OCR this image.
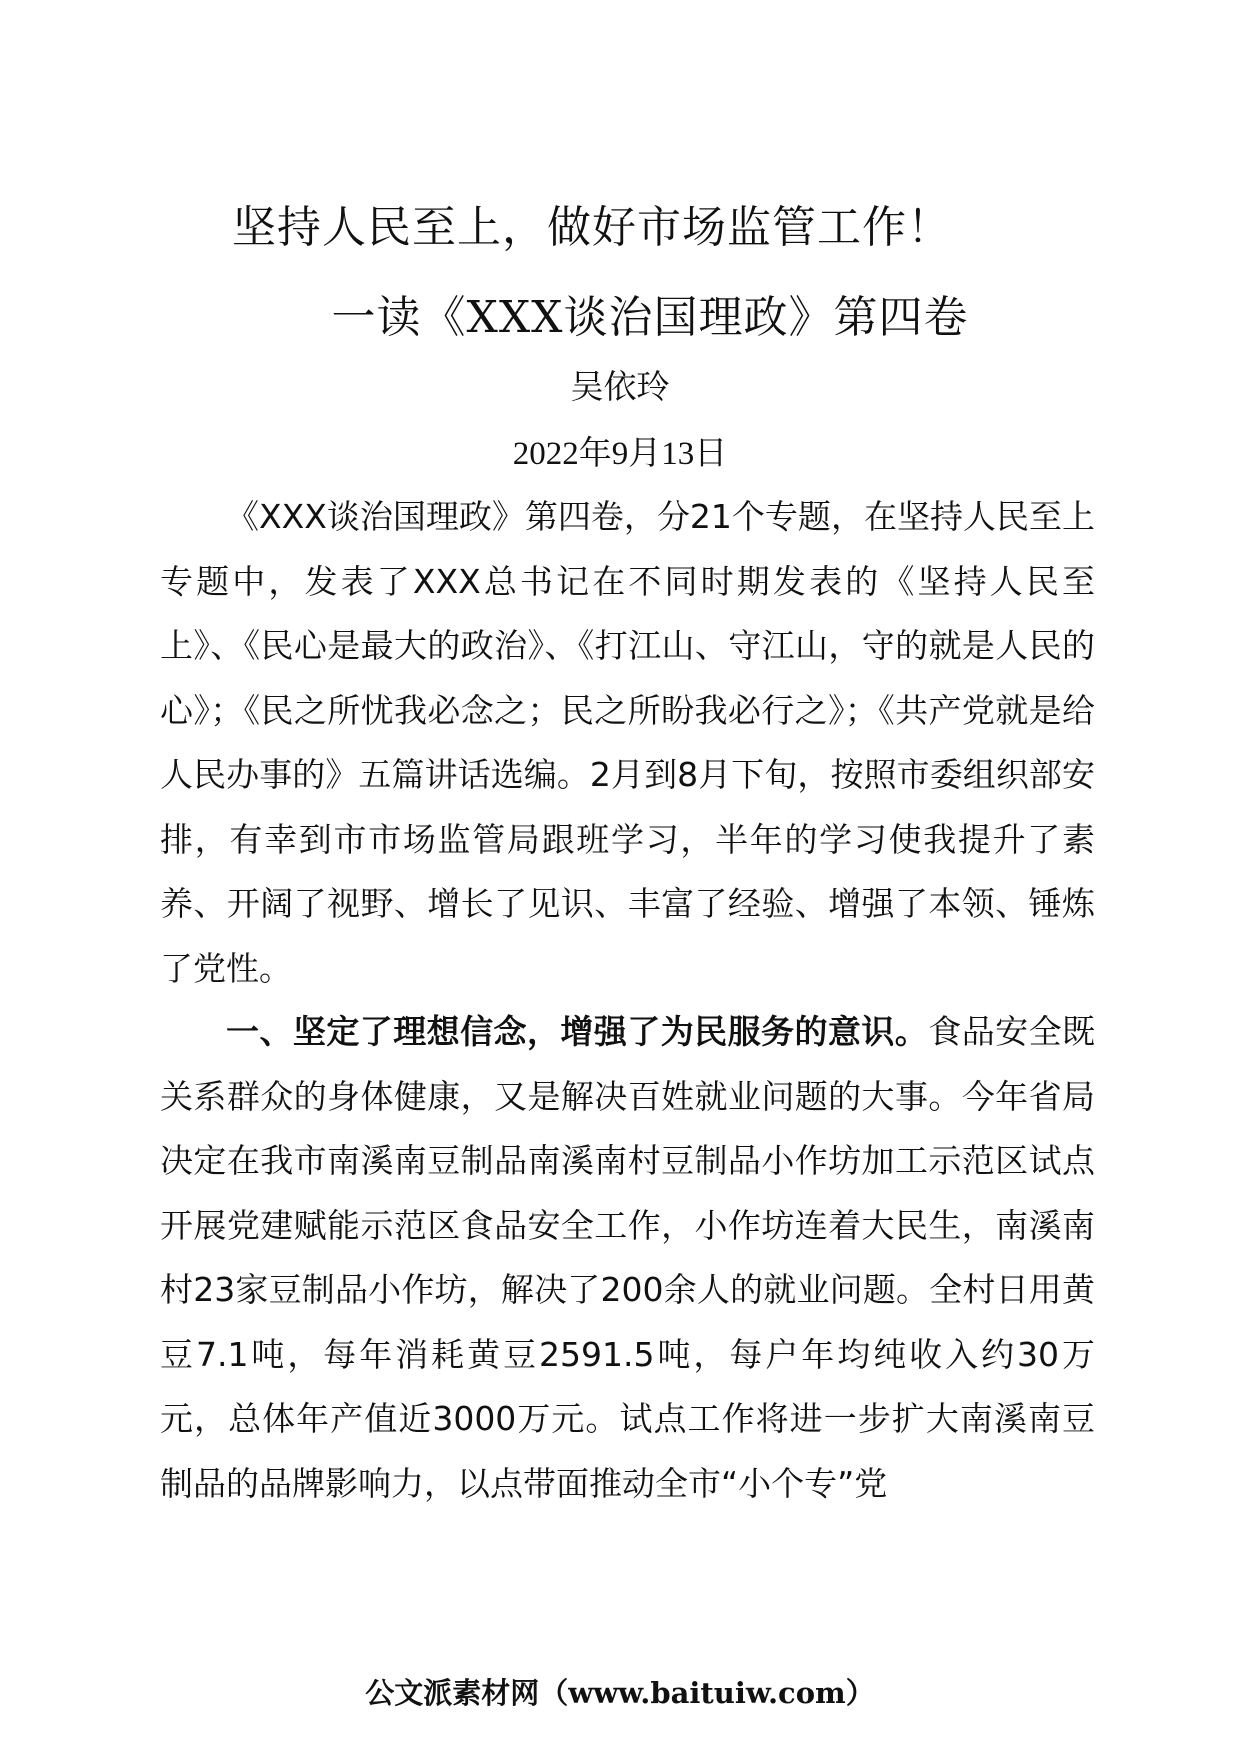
坚持人民至上，做好市场监管工作！
一读《XXX谈治国理政》第四卷
吴依玲
2022年9月13日

《XXX谈治国理政》第四卷，分21个专题，在坚持人民至上专题中，发表了XXX总书记在不同时期发表的《坚持人民至上》、《民心是最大的政治》、《打江山、守江山，守的就是人民的心》；《民之所忧我必念之；民之所盼我必行之》；《共产党就是给人民办事的》五篇讲话选编。2月到8月下旬，按照市委组织部安排，有幸到市市场监管局跟班学习，半年的学习使我提升了素养、开阔了视野、增长了见识、丰富了经验、增强了本领、锤炼了党性。

一、坚定了理想信念，增强了为民服务的意识。食品安全既关系群众的身体健康，又是解决百姓就业问题的大事。今年省局决定在我市南溪南豆制品南溪南村豆制品小作坊加工示范区试点开展党建赋能示范区食品安全工作，小作坊连着大民生，南溪南村23家豆制品小作坊，解决了200余人的就业问题。全村日用黄豆7.1吨，每年消耗黄豆2591.5吨，每户年均纯收入约30万元，总体年产值近3000万元。试点工作将进一步扩大南溪南豆制品的品牌影响力，以点带面推动全市“小个专”党

公文派素材网（www.baituiw.com）
